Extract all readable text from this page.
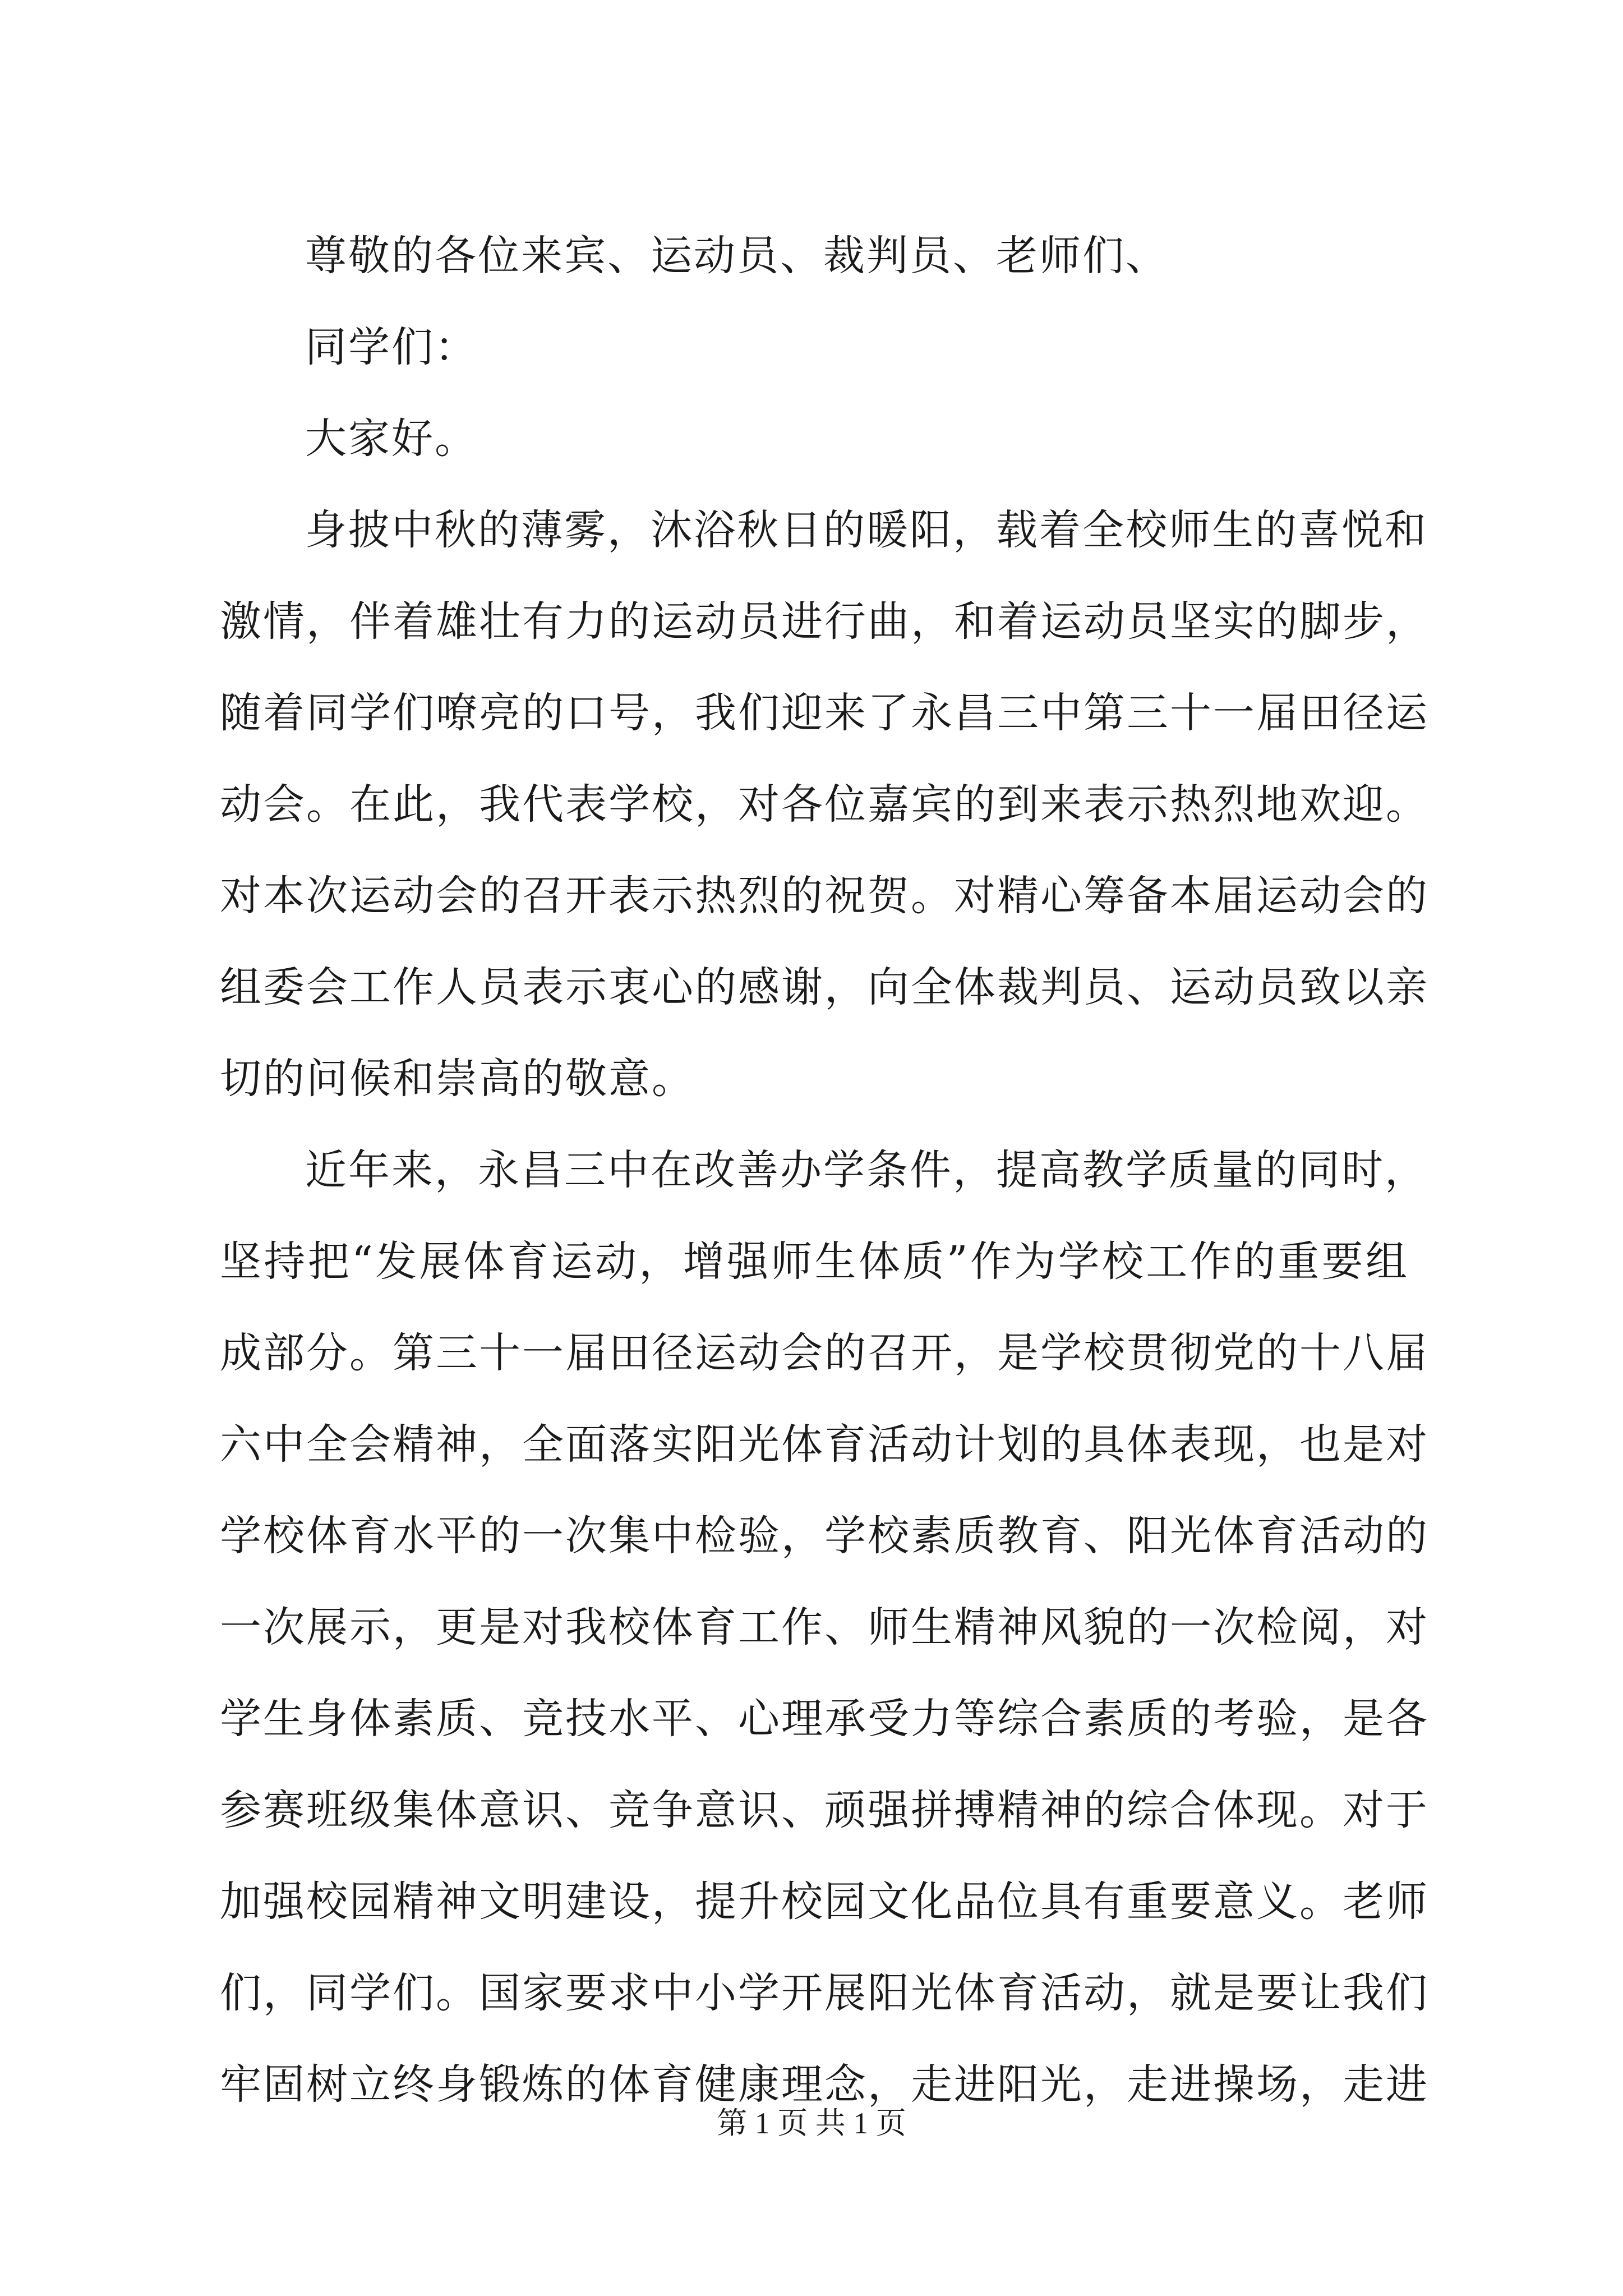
尊敬的各位来宾、运动员、裁判员、老师们、
同学们：
大家好。
身披中秋的薄雾，沐浴秋日的暖阳，载着全校师生的喜悦和
激情，伴着雄壮有力的运动员进行曲，和着运动员坚实的脚步，
随着同学们嘹亮的口号，我们迎来了永昌三中第三十一届田径运
动会。在此，我代表学校，对各位嘉宾的到来表示热烈地欢迎。
对本次运动会的召开表示热烈的祝贺。对精心筹备本届运动会的
组委会工作人员表示衷心的感谢，向全体裁判员、运动员致以亲
切的问候和崇高的敬意。
近年来，永昌三中在改善办学条件，提高教学质量的同时，
坚持把“发展体育运动，增强师生体质”作为学校工作的重要组
成部分。第三十一届田径运动会的召开，是学校贯彻党的十八届
六中全会精神，全面落实阳光体育活动计划的具体表现，也是对
学校体育水平的一次集中检验，学校素质教育、阳光体育活动的
一次展示，更是对我校体育工作、师生精神风貌的一次检阅，对
学生身体素质、竞技水平、心理承受力等综合素质的考验，是各
参赛班级集体意识、竞争意识、顽强拼搏精神的综合体现。对于
加强校园精神文明建设，提升校园文化品位具有重要意义。老师
们，同学们。国家要求中小学开展阳光体育活动，就是要让我们
牢固树立终身锻炼的体育健康理念，走进阳光，走进操场，走进
第 1 页 共 1 页
